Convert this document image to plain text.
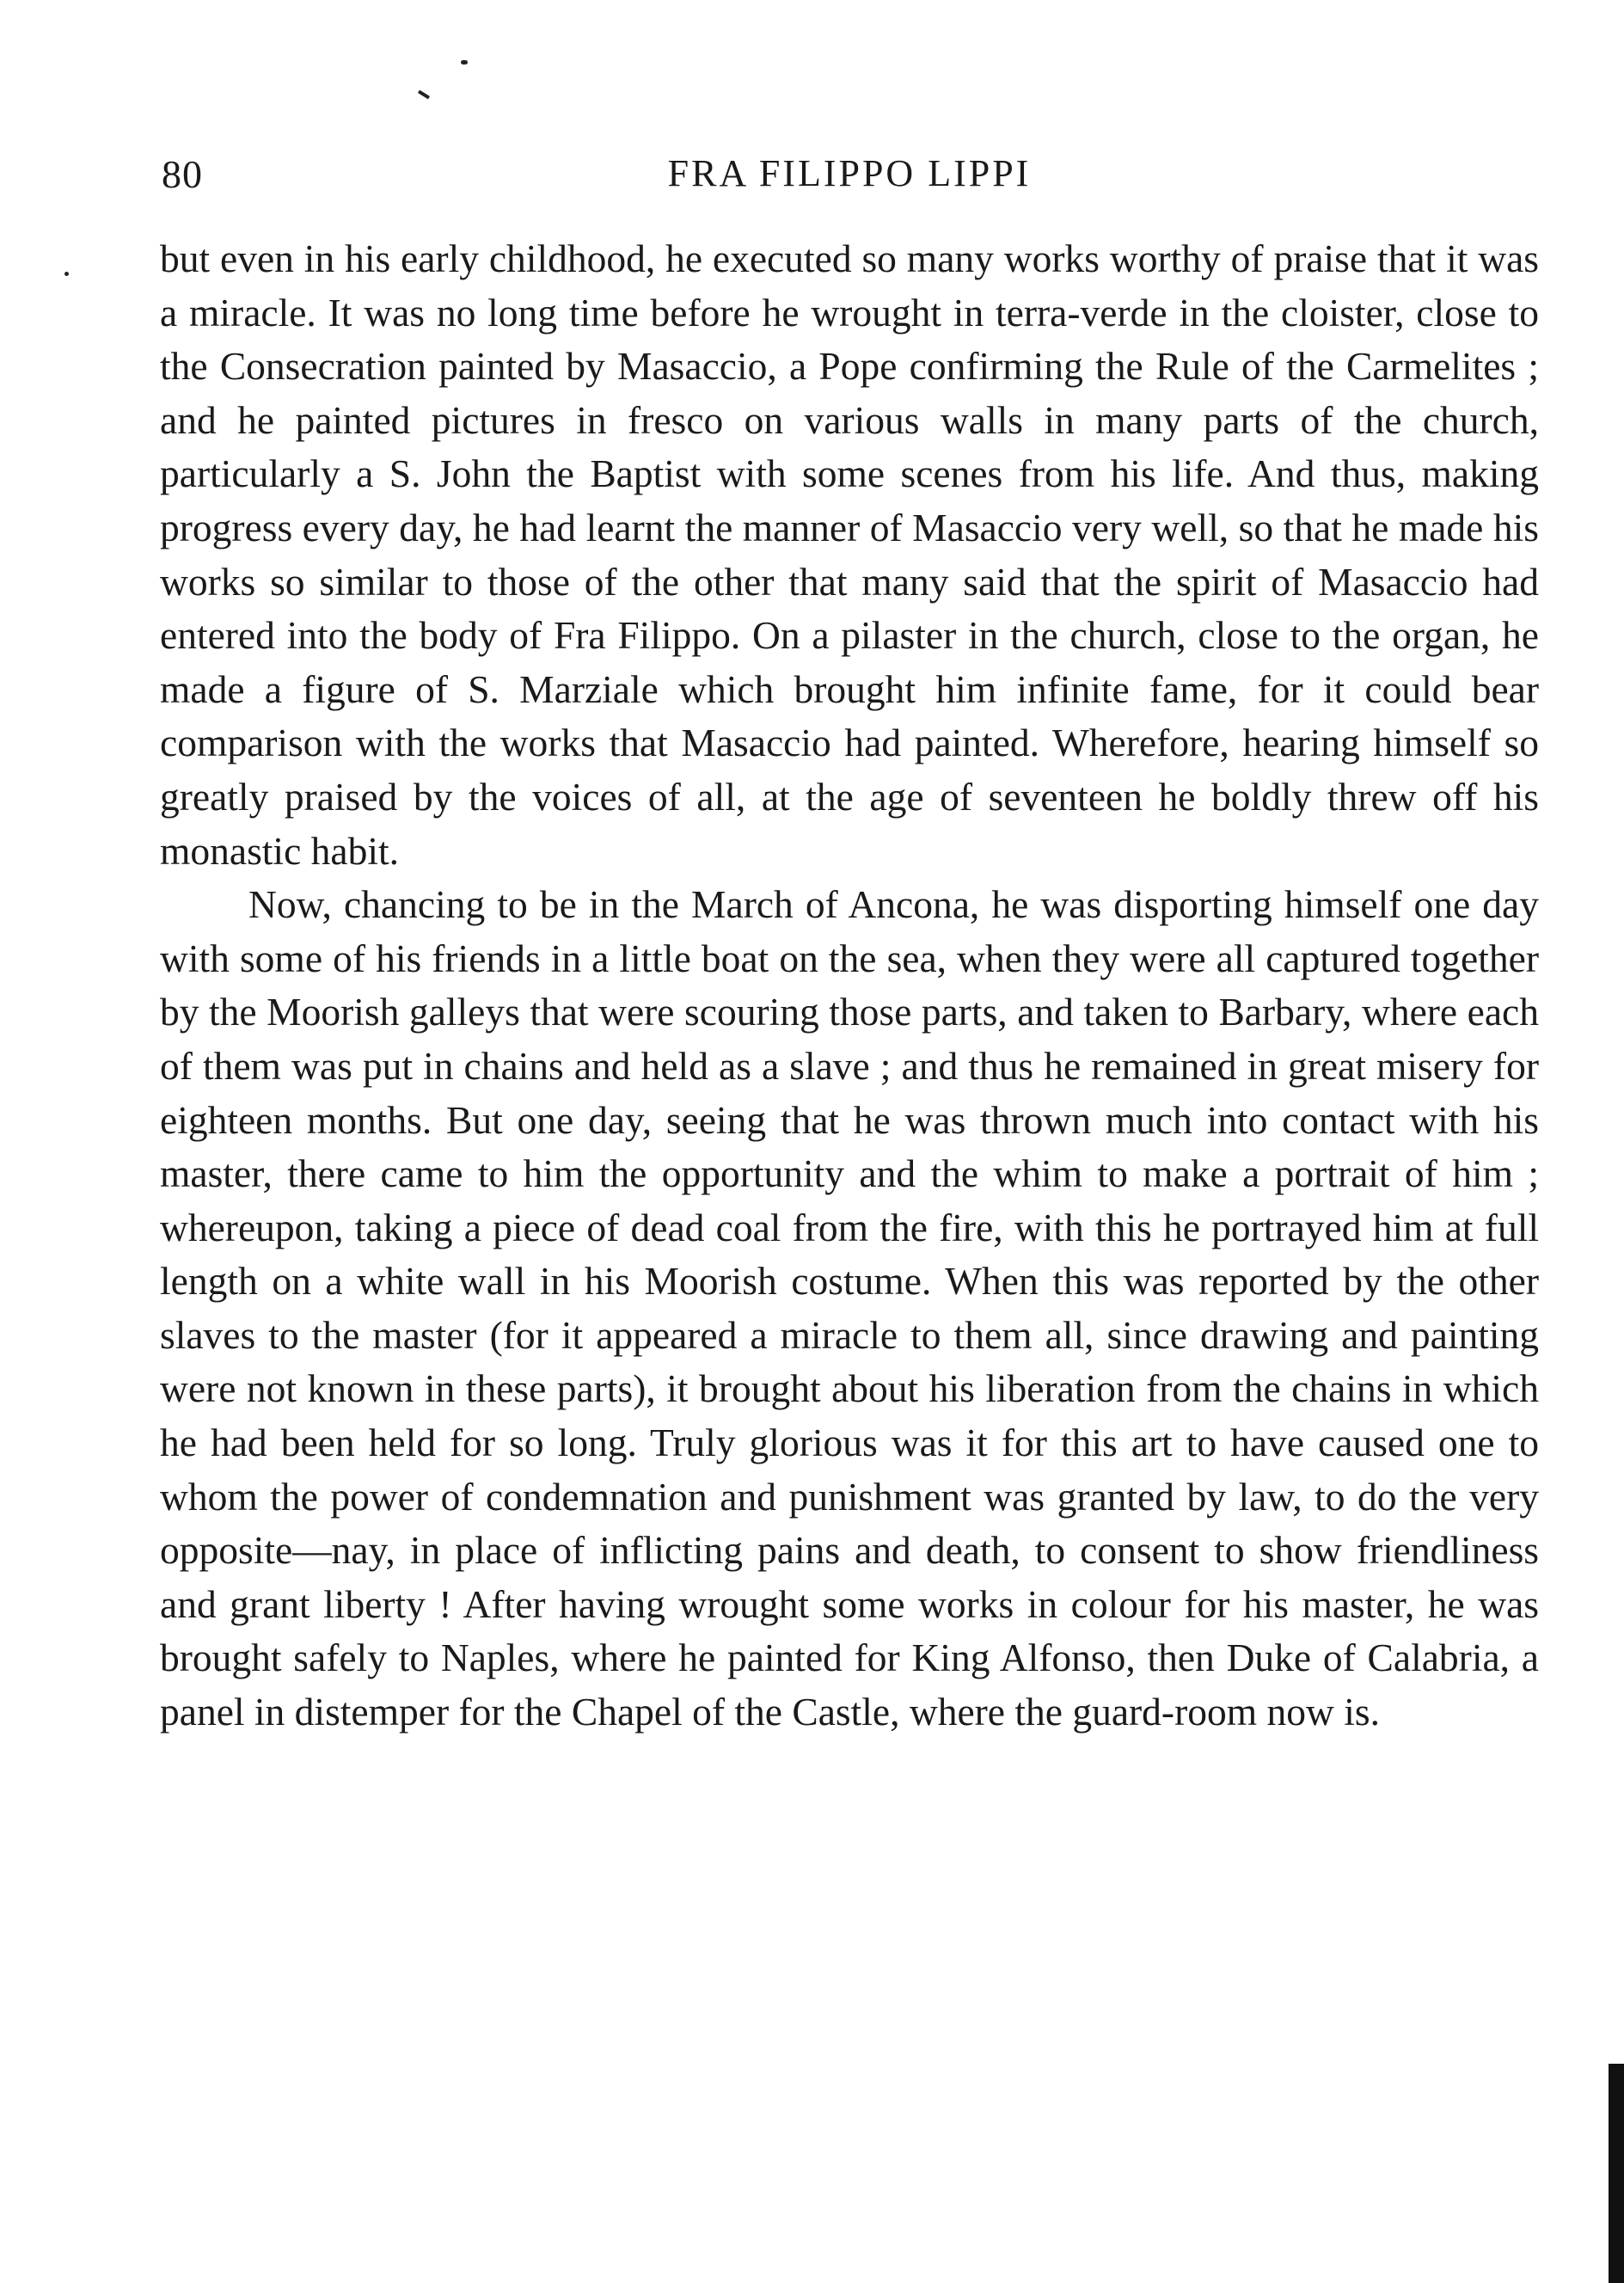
80	FRA FILIPPO LIPPI

but even in his early childhood, he executed so many works worthy of praise that it was a miracle. It was no long time before he wrought in terra-verde in the cloister, close to the Consecration painted by Masaccio, a Pope confirming the Rule of the Carmelites ; and he painted pictures in fresco on various walls in many parts of the church, particularly a S. John the Baptist with some scenes from his life. And thus, making progress every day, he had learnt the manner of Masaccio very well, so that he made his works so similar to those of the other that many said that the spirit of Masaccio had entered into the body of Fra Filippo. On a pilaster in the church, close to the organ, he made a figure of S. Marziale which brought him infinite fame, for it could bear comparison with the works that Masaccio had painted. Wherefore, hearing himself so greatly praised by the voices of all, at the age of seventeen he boldly threw off his monastic habit.

Now, chancing to be in the March of Ancona, he was disporting himself one day with some of his friends in a little boat on the sea, when they were all captured together by the Moorish galleys that were scouring those parts, and taken to Barbary, where each of them was put in chains and held as a slave ; and thus he remained in great misery for eighteen months. But one day, seeing that he was thrown much into contact with his master, there came to him the opportunity and the whim to make a portrait of him ; whereupon, taking a piece of dead coal from the fire, with this he portrayed him at full length on a white wall in his Moorish costume. When this was reported by the other slaves to the master (for it appeared a miracle to them all, since drawing and painting were not known in these parts), it brought about his liberation from the chains in which he had been held for so long. Truly glorious was it for this art to have caused one to whom the power of condemnation and punishment was granted by law, to do the very opposite—nay, in place of inflicting pains and death, to consent to show friendliness and grant liberty ! After having wrought some works in colour for his master, he was brought safely to Naples, where he painted for King Alfonso, then Duke of Calabria, a panel in distemper for the Chapel of the Castle, where the guard-room now is.
